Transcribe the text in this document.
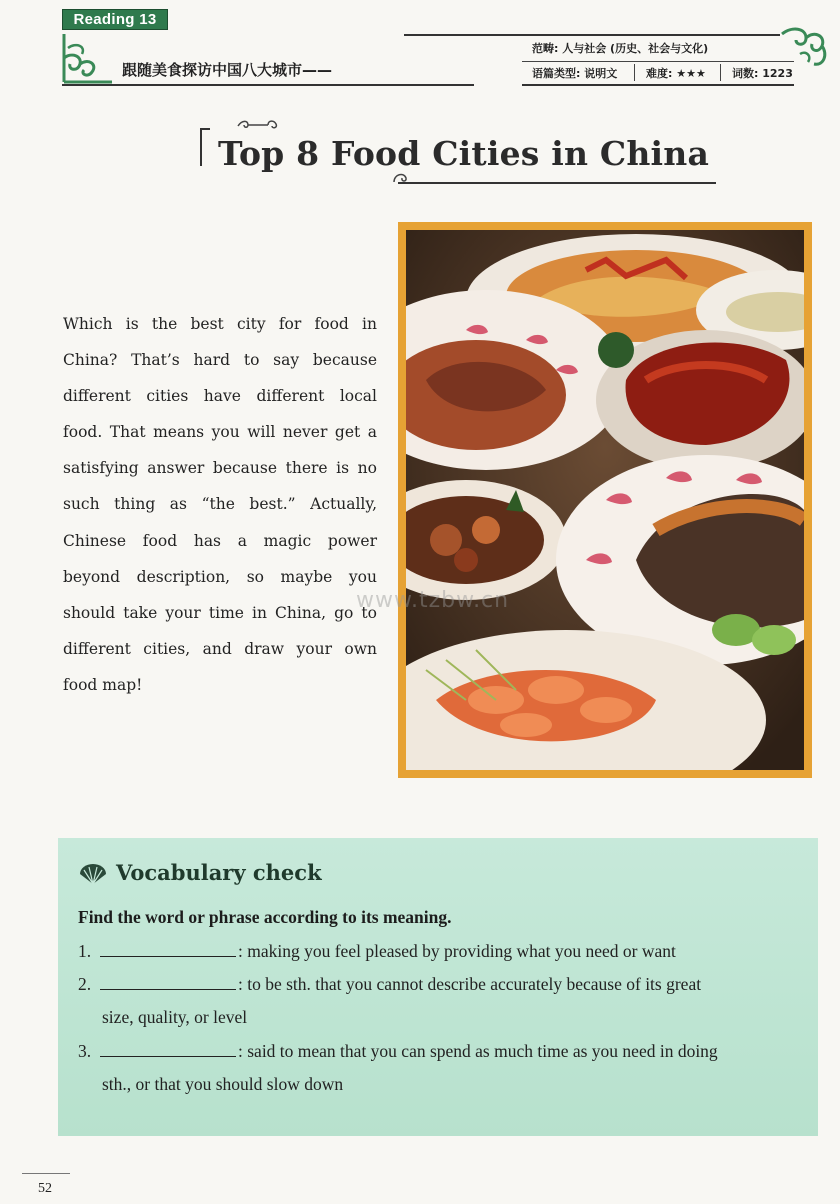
Reading 13
跟随美食探访中国八大城市——
范畴: 人与社会 (历史、社会与文化)
语篇类型: 说明文	难度: ★★★ 词数: 1223
Top 8 Food Cities in China
Which is the best city for food in China? That’s hard to say because different cities have different local food. That means you will never get a satisfying answer because there is no such thing as “the best.” Actually, Chinese food has a magic power beyond description, so maybe you should take your time in China, go to different cities, and draw your own food map!
www.tzbw.cn
Vocabulary check
Find the word or phrase according to its meaning.
1.	: making you feel pleased by providing what you need or want
2.	: to be sth. that you cannot describe accurately because of its great
size, quality, or level
3.	: said to mean that you can spend as much time as you need in doing
sth., or that you should slow down
52
